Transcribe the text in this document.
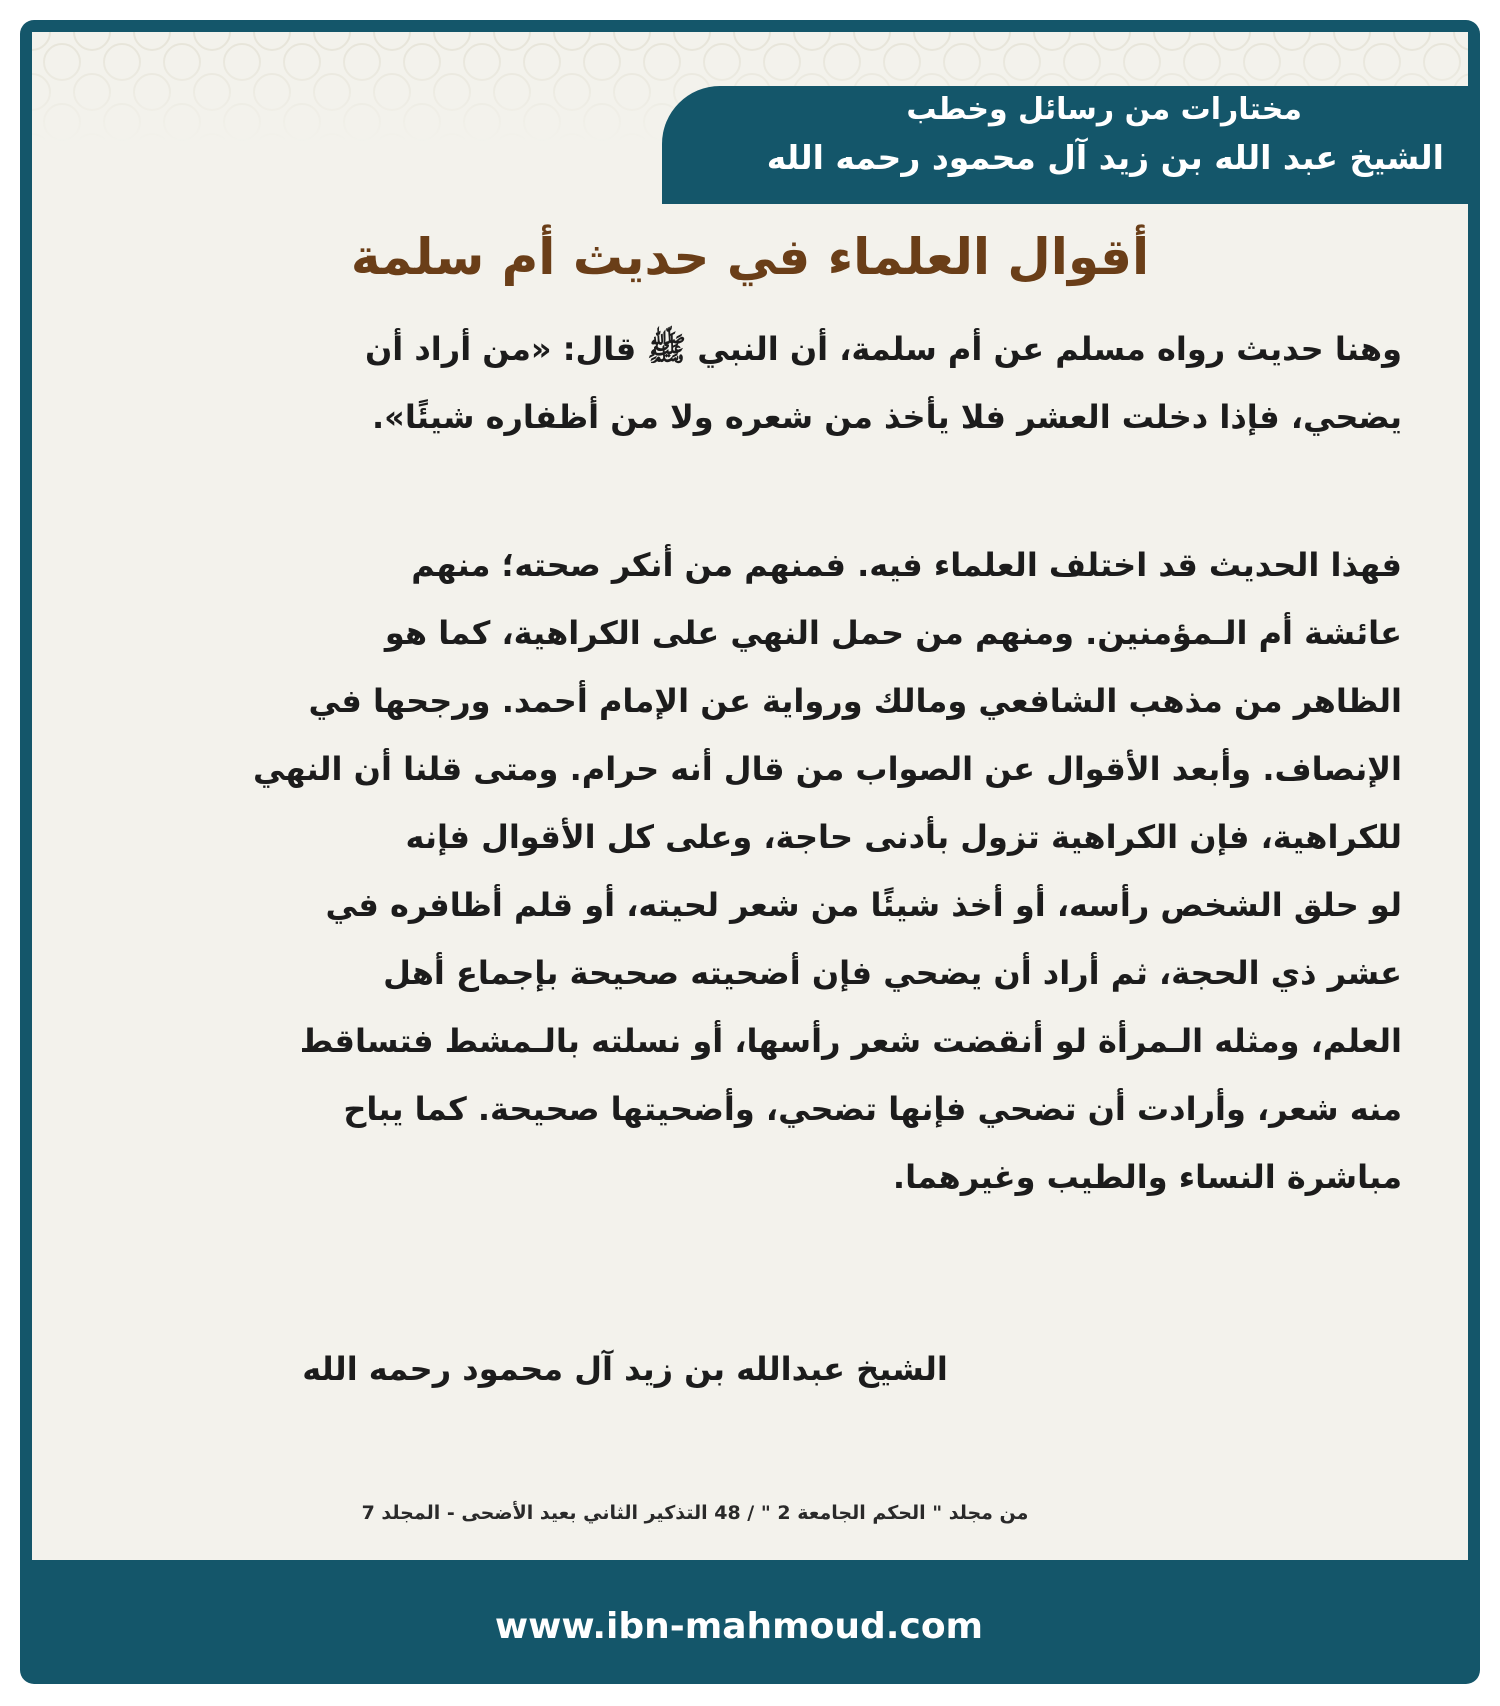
مختارات من رسائل وخطب
الشيخ عبد الله بن زيد آل محمود رحمه الله
أقوال العلماء في حديث أم سلمة
وهنا حديث رواه مسلم عن أم سلمة، أن النبي ﷺ قال: «من أراد أن
يضحي، فإذا دخلت العشر فلا يأخذ من شعره ولا من أظفاره شيئًا».
فهذا الحديث قد اختلف العلماء فيه. فمنهم من أنكر صحته؛ منهم
عائشة أم الـمؤمنين. ومنهم من حمل النهي على الكراهية، كما هو
الظاهر من مذهب الشافعي ومالك ورواية عن الإمام أحمد. ورجحها في
الإنصاف. وأبعد الأقوال عن الصواب من قال أنه حرام. ومتى قلنا أن النهي
للكراهية، فإن الكراهية تزول بأدنى حاجة، وعلى كل الأقوال فإنه
لو حلق الشخص رأسه، أو أخذ شيئًا من شعر لحيته، أو قلم أظافره في
عشر ذي الحجة، ثم أراد أن يضحي فإن أضحيته صحيحة بإجماع أهل
العلم، ومثله الـمرأة لو أنقضت شعر رأسها، أو نسلته بالـمشط فتساقط
منه شعر، وأرادت أن تضحي فإنها تضحي، وأضحيتها صحيحة. كما يباح
مباشرة النساء والطيب وغيرهما.
الشيخ عبدالله بن زيد آل محمود رحمه الله
من مجلد " الحكم الجامعة 2 " / 48 التذكير الثاني بعيد الأضحى - المجلد 7
www.ibn-mahmoud.com
